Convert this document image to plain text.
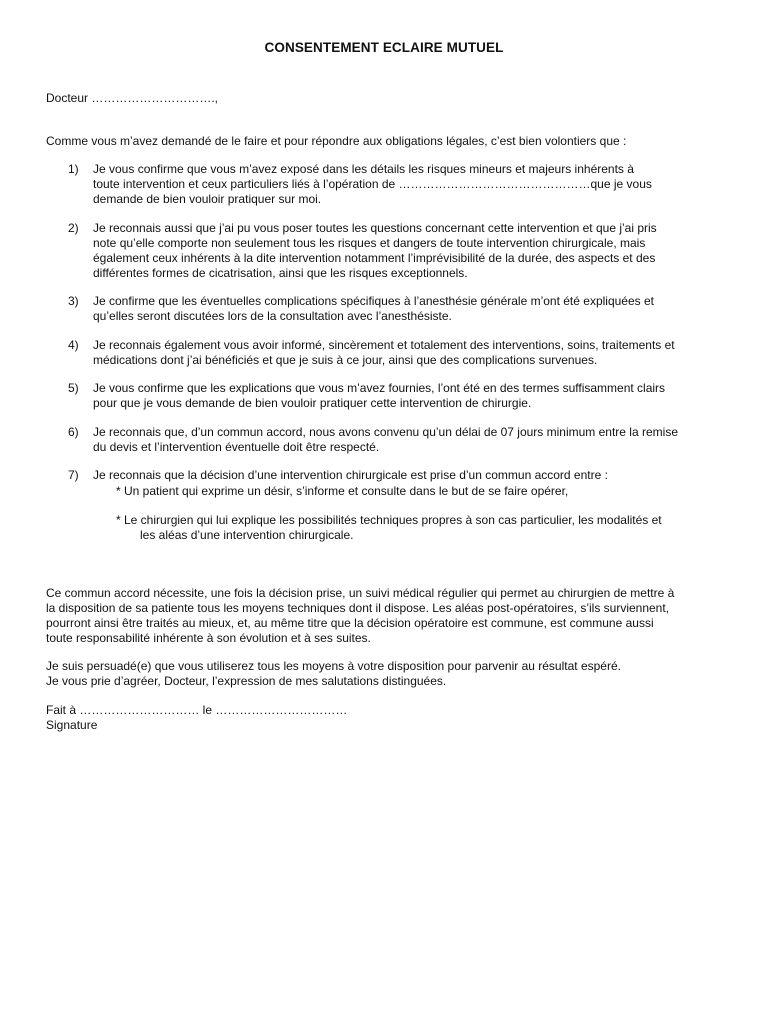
CONSENTEMENT ECLAIRE MUTUEL
Docteur ………………………….,
Comme vous m’avez demandé de le faire et pour répondre aux obligations légales, c’est bien volontiers que :
1) Je vous confirme que vous m’avez exposé dans les détails les risques mineurs et majeurs inhérents à
toute intervention et ceux particuliers liés à l’opération de …………………………………………que je vous
demande de bien vouloir pratiquer sur moi.
2) Je reconnais aussi que j’ai pu vous poser toutes les questions concernant cette intervention et que j’ai pris
note qu’elle comporte non seulement tous les risques et dangers de toute intervention chirurgicale, mais
également ceux inhérents à la dite intervention notamment l’imprévisibilité de la durée, des aspects et des
différentes formes de cicatrisation, ainsi que les risques exceptionnels.
3) Je confirme que les éventuelles complications spécifiques à l’anesthésie générale m’ont été expliquées et
qu’elles seront discutées lors de la consultation avec l’anesthésiste.
4) Je reconnais également vous avoir informé, sincèrement et totalement des interventions, soins, traitements et
médications dont j’ai bénéficiés et que je suis à ce jour, ainsi que des complications survenues.
5) Je vous confirme que les explications que vous m’avez fournies, l’ont été en des termes suffisamment clairs
pour que je vous demande de bien vouloir pratiquer cette intervention de chirurgie.
6) Je reconnais que, d’un commun accord, nous avons convenu qu’un délai de 07 jours minimum entre la remise
du devis et l’intervention éventuelle doit être respecté.
7) Je reconnais que la décision d’une intervention chirurgicale est prise d’un commun accord entre :
* Un patient qui exprime un désir, s’informe et consulte dans le but de se faire opérer,
* Le chirurgien qui lui explique les possibilités techniques propres à son cas particulier, les modalités et
les aléas d’une intervention chirurgicale.
Ce commun accord nécessite, une fois la décision prise, un suivi médical régulier qui permet au chirurgien de mettre à
la disposition de sa patiente tous les moyens techniques dont il dispose. Les aléas post-opératoires, s’ils surviennent,
pourront ainsi être traités au mieux, et, au même titre que la décision opératoire est commune, est commune aussi
toute responsabilité inhérente à son évolution et à ses suites.
Je suis persuadé(e) que vous utiliserez tous les moyens à votre disposition pour parvenir au résultat espéré.
Je vous prie d’agréer, Docteur, l’expression de mes salutations distinguées.
Fait à ………………………… le ……………………………
Signature
